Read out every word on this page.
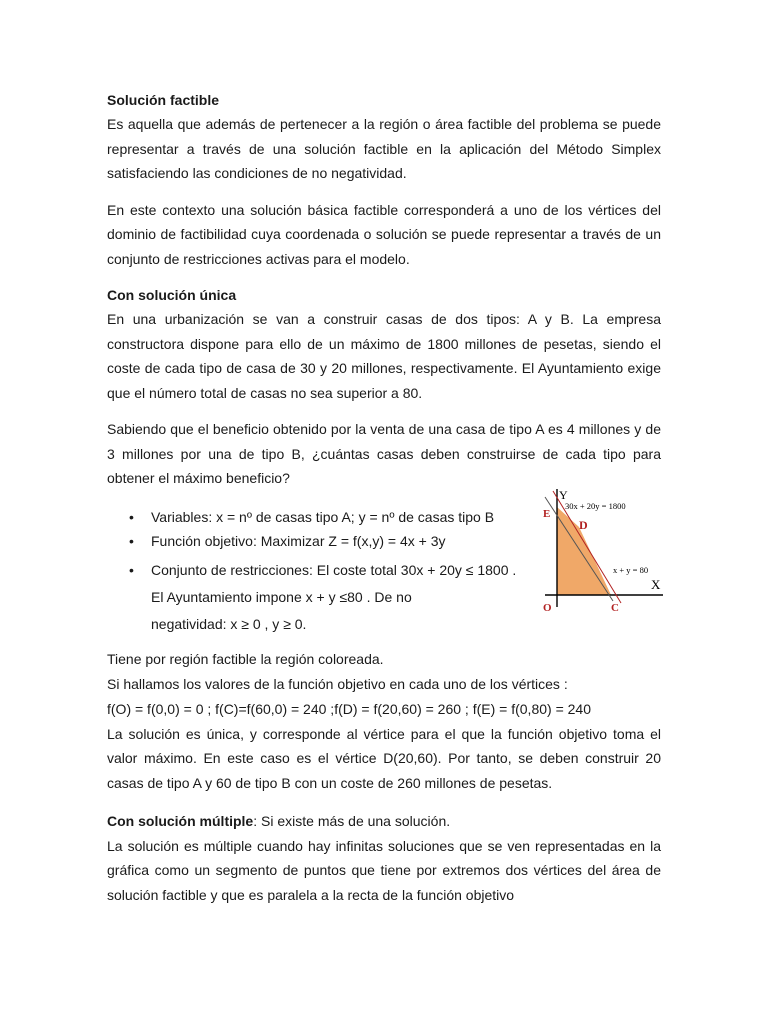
Solución factible

Es aquella que además de pertenecer a la región o área factible del problema se puede representar a través de una solución factible en la aplicación del Método Simplex satisfaciendo las condiciones de no negatividad.

En este contexto una solución básica factible corresponderá a uno de los vértices del dominio de factibilidad cuya coordenada o solución se puede representar a través de un conjunto de restricciones activas para el modelo.

Con solución única

En una urbanización se van a construir casas de dos tipos: A y B. La empresa constructora dispone para ello de un máximo de 1800 millones de pesetas, siendo el coste de cada tipo de casa de 30 y 20 millones, respectivamente. El Ayuntamiento exige que el número total de casas no sea superior a 80.

Sabiendo que el beneficio obtenido por la venta de una casa de tipo A es 4 millones y de 3 millones por una de tipo B, ¿cuántas casas deben construirse de cada tipo para obtener el máximo beneficio?

• Variables: x = nº de casas tipo A; y = nº de casas tipo B
• Función objetivo: Maximizar Z = f(x,y) = 4x + 3y
• Conjunto de restricciones: El coste total 30x + 20y ≤ 1800 .
El Ayuntamiento impone x + y ≤80 . De no
negatividad: x ≥ 0 , y ≥ 0.
Y
X
O	C
D
E
30x + 20y = 1800
x + y = 80

Tiene por región factible la región coloreada.

Si hallamos los valores de la función objetivo en cada uno de los vértices :

f(O) = f(0,0) = 0 ; f(C)=f(60,0) = 240 ;f(D) = f(20,60) = 260 ; f(E) = f(0,80) = 240

La solución es única, y corresponde al vértice para el que la función objetivo toma el valor máximo. En este caso es el vértice D(20,60). Por tanto, se deben construir 20 casas de tipo A y 60 de tipo B con un coste de 260 millones de pesetas.

Con solución múltiple: Si existe más de una solución.

La solución es múltiple cuando hay infinitas soluciones que se ven representadas en la gráfica como un segmento de puntos que tiene por extremos dos vértices del área de solución factible y que es paralela a la recta de la función objetivo
